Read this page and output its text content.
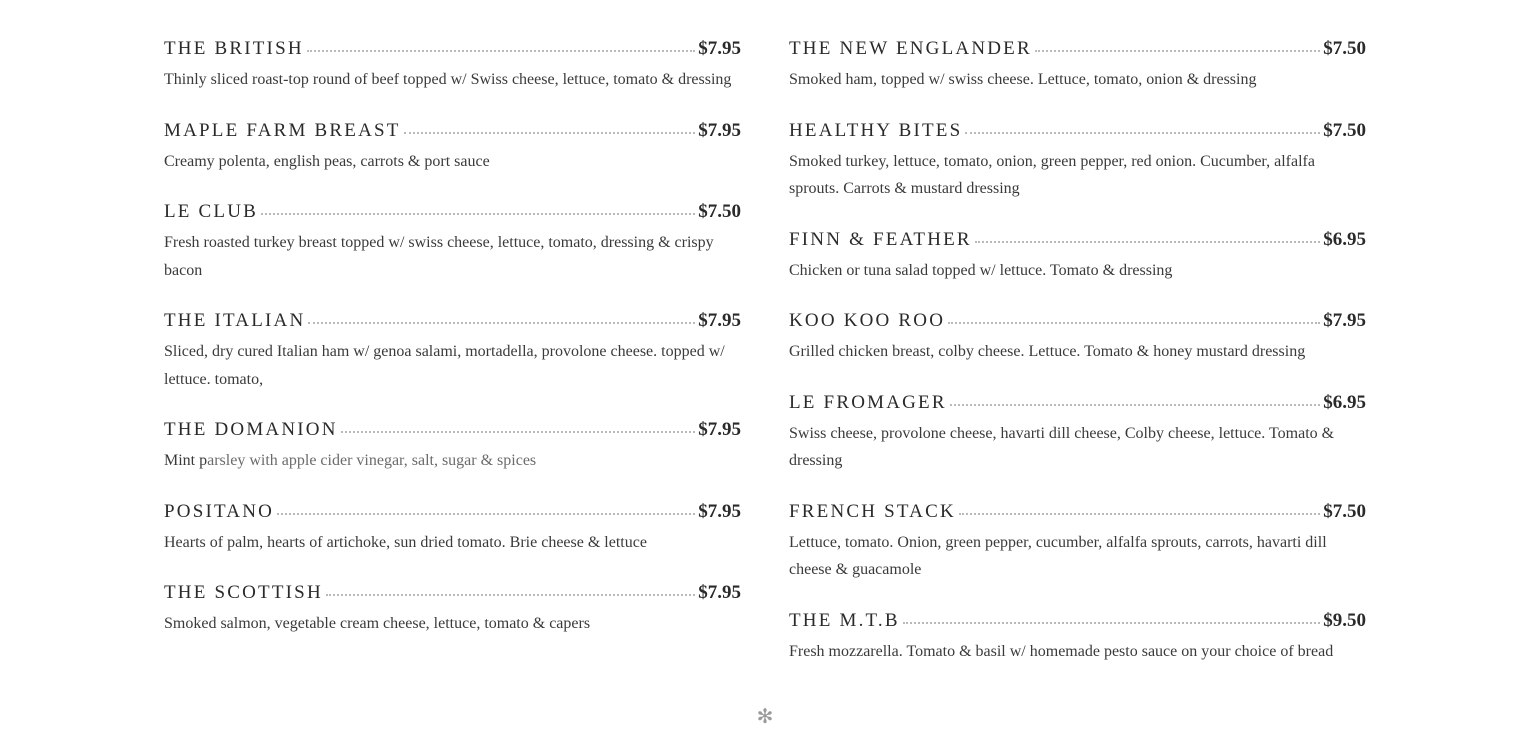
THE BRITISH	$7.95
Thinly sliced roast-top round of beef topped w/ Swiss cheese, lettuce, tomato & dressing
MAPLE FARM BREAST	$7.95
Creamy polenta, english peas, carrots & port sauce
LE CLUB	$7.50
Fresh roasted turkey breast topped w/ swiss cheese, lettuce, tomato, dressing & crispy bacon
THE ITALIAN	$7.95
Sliced, dry cured Italian ham w/ genoa salami, mortadella, provolone cheese. topped w/ lettuce. tomato,
THE DOMANION	$7.95
Mint parsley with apple cider vinegar, salt, sugar & spices
POSITANO	$7.95
Hearts of palm, hearts of artichoke, sun dried tomato. Brie cheese & lettuce
THE SCOTTISH	$7.95
Smoked salmon, vegetable cream cheese, lettuce, tomato & capers
THE NEW ENGLANDER	$7.50
Smoked ham, topped w/ swiss cheese. Lettuce, tomato, onion & dressing
HEALTHY BITES	$7.50
Smoked turkey, lettuce, tomato, onion, green pepper, red onion. Cucumber, alfalfa sprouts. Carrots & mustard dressing
FINN & FEATHER	$6.95
Chicken or tuna salad topped w/ lettuce. Tomato & dressing
KOO KOO ROO	$7.95
Grilled chicken breast, colby cheese. Lettuce. Tomato & honey mustard dressing
LE FROMAGER	$6.95
Swiss cheese, provolone cheese, havarti dill cheese, Colby cheese, lettuce. Tomato & dressing
FRENCH STACK	$7.50
Lettuce, tomato. Onion, green pepper, cucumber, alfalfa sprouts, carrots, havarti dill cheese & guacamole
THE M.T.B	$9.50
Fresh mozzarella. Tomato & basil w/ homemade pesto sauce on your choice of bread
✻
